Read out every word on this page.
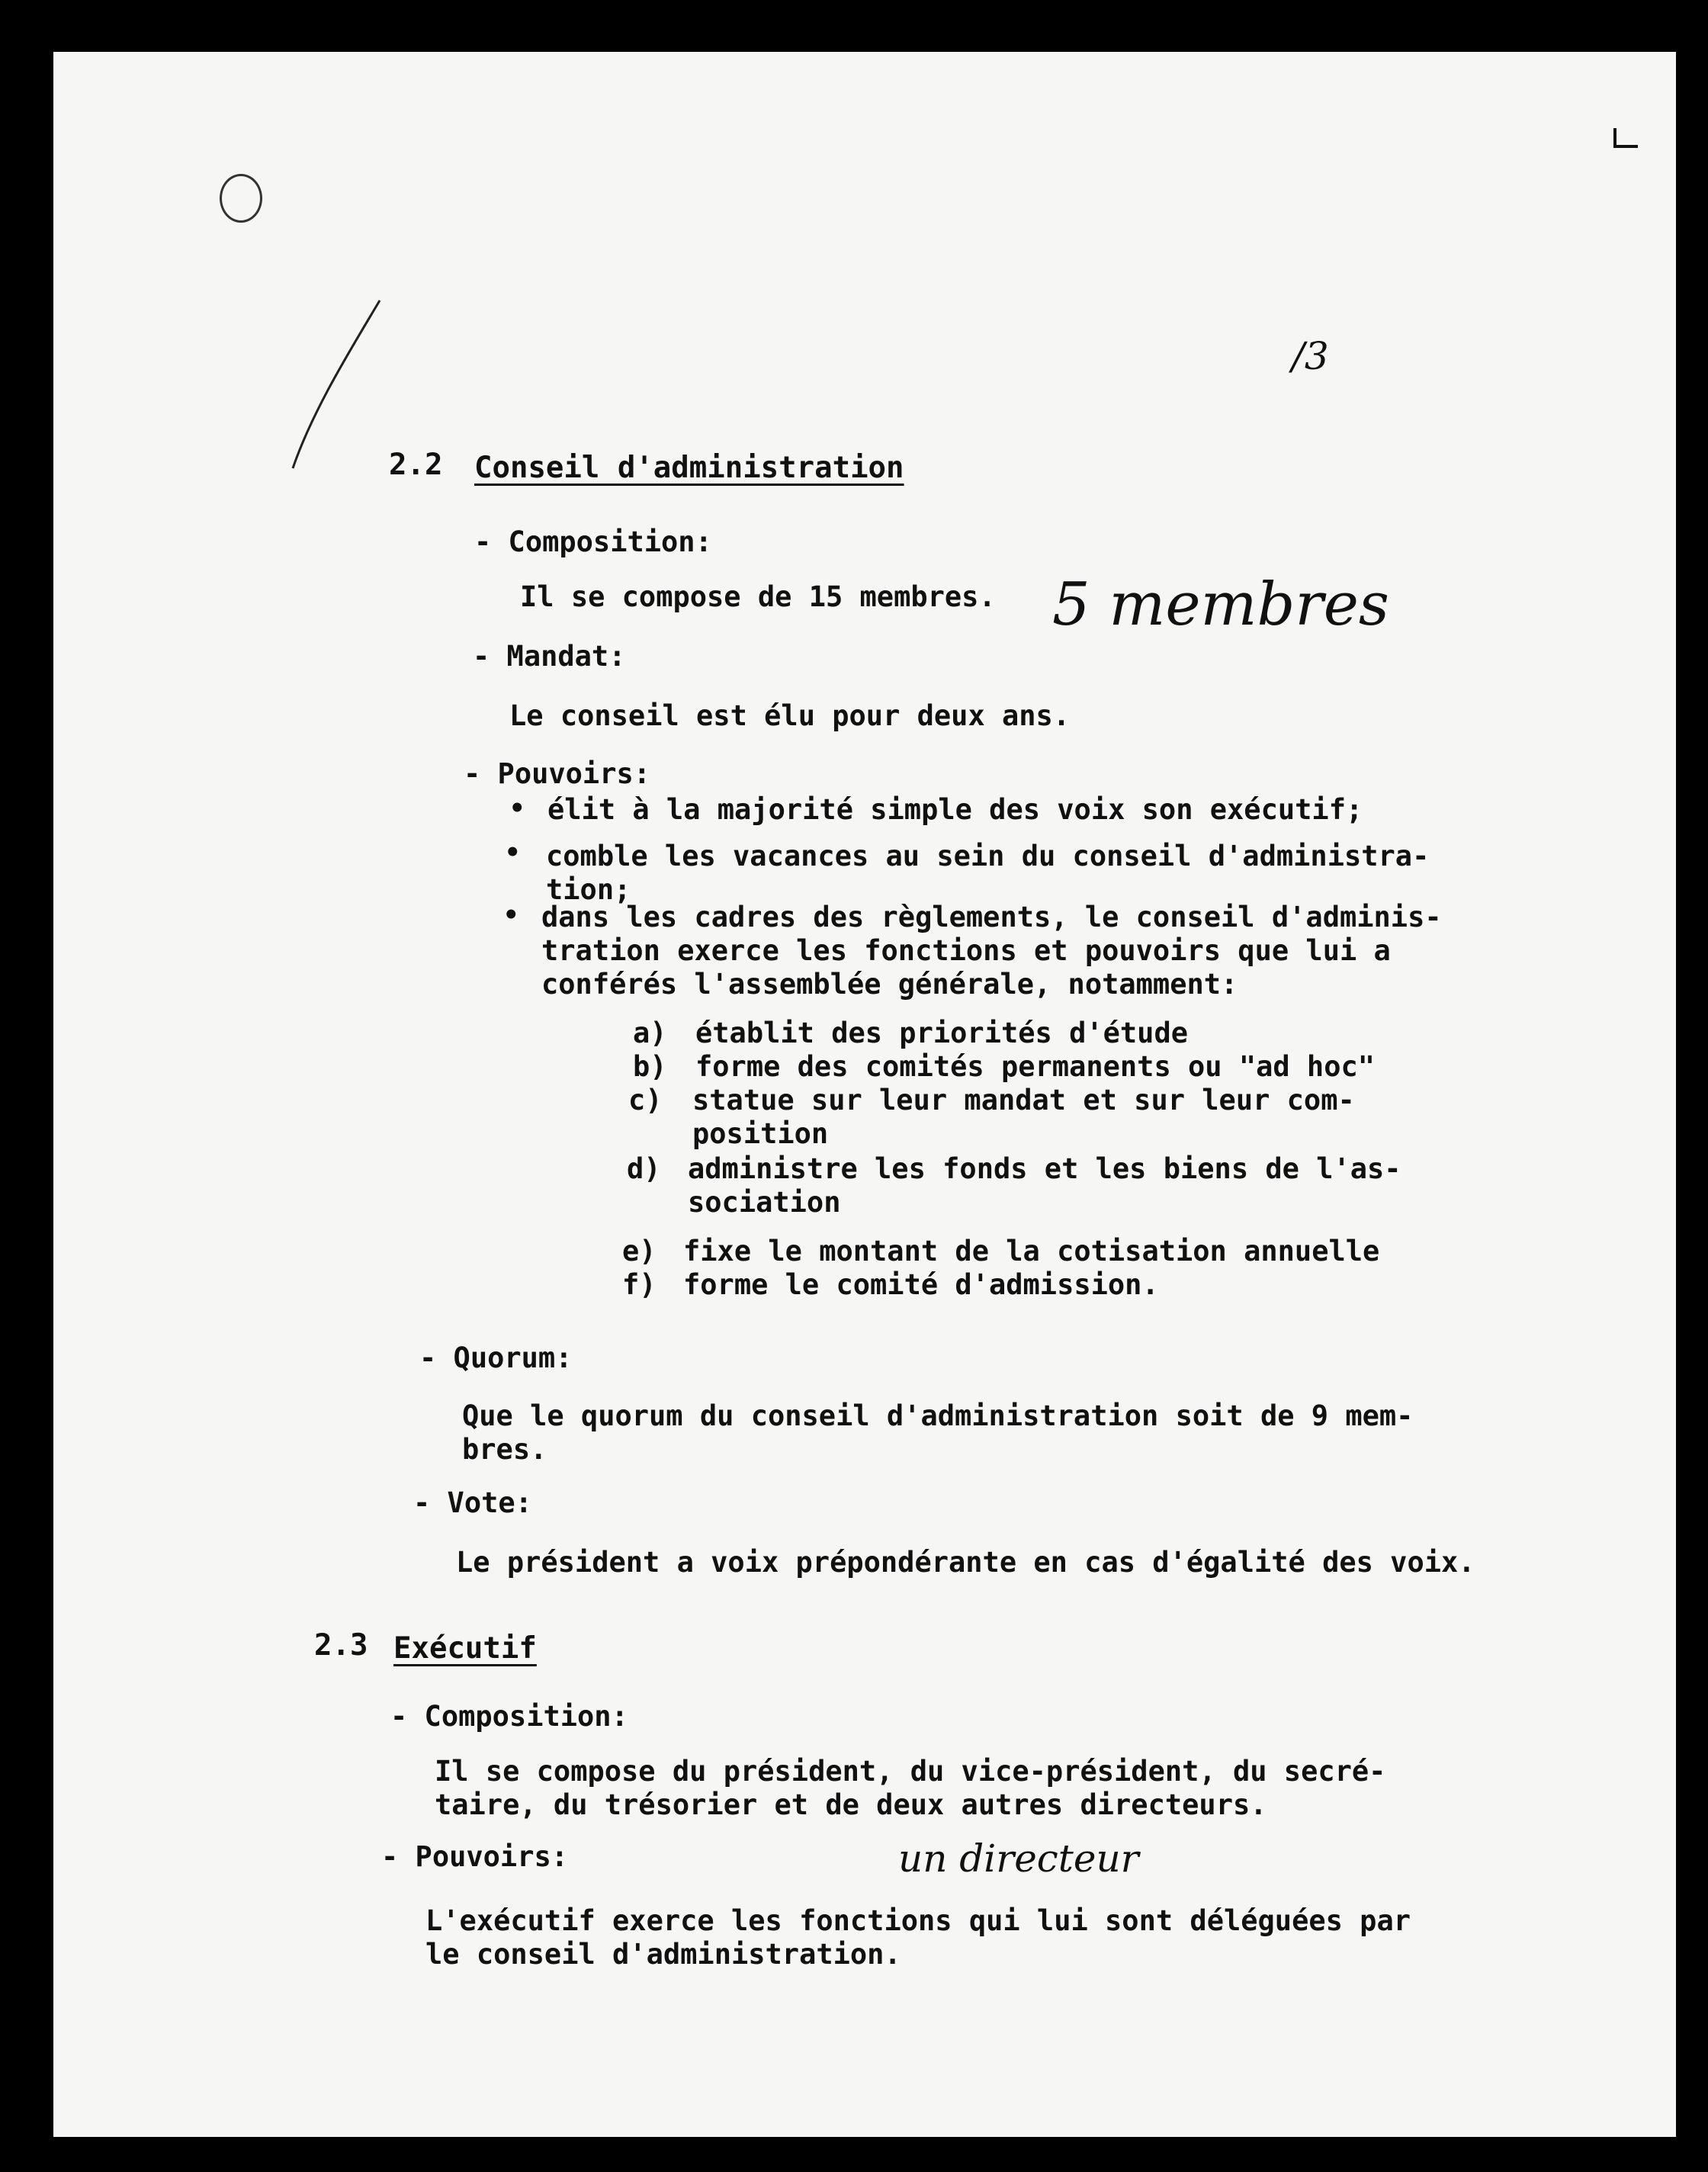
/3
2.2 Conseil d'administration
- Composition:
Il se compose de 15 membres. 5 membres
- Mandat:
Le conseil est élu pour deux ans.
- Pouvoirs:
• élit à la majorité simple des voix son exécutif;
• comble les vacances au sein du conseil d'administra-
tion;
• dans les cadres des règlements, le conseil d'adminis-
tration exerce les fonctions et pouvoirs que lui a
conférés l'assemblée générale, notamment:
a) établit des priorités d'étude
b) forme des comités permanents ou "ad hoc"
c) statue sur leur mandat et sur leur com-
position
d) administre les fonds et les biens de l'as-
sociation
e) fixe le montant de la cotisation annuelle
f) forme le comité d'admission.
- Quorum:
Que le quorum du conseil d'administration soit de 9 mem-
bres.
- Vote:
Le président a voix prépondérante en cas d'égalité des voix.
2.3 Exécutif
- Composition:
Il se compose du président, du vice-président, du secré-
taire, du trésorier et de deux autres directeurs.
- Pouvoirs:	un directeur
L'exécutif exerce les fonctions qui lui sont déléguées par
le conseil d'administration.
